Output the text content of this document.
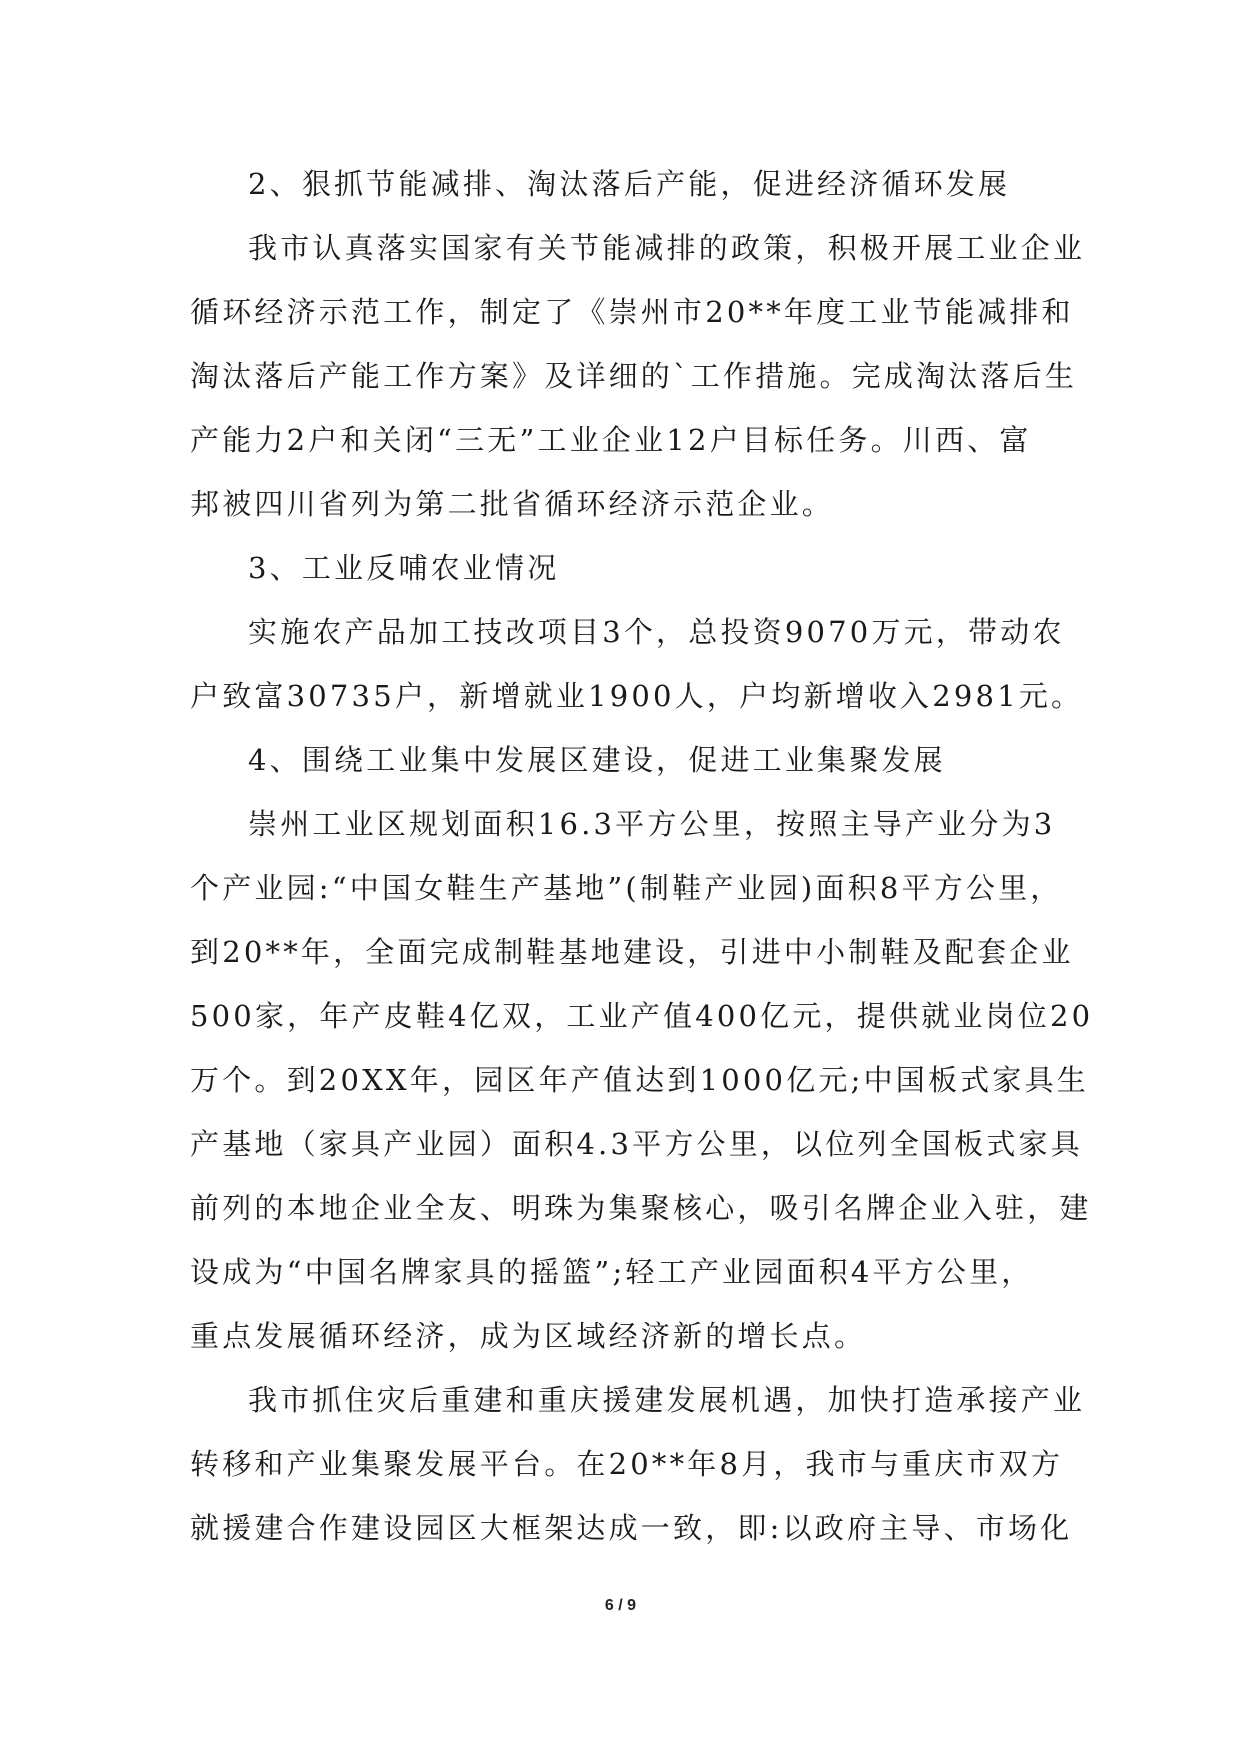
2、狠抓节能减排、淘汰落后产能，促进经济循环发展
我市认真落实国家有关节能减排的政策，积极开展工业企业
循环经济示范工作，制定了《崇州市20**年度工业节能减排和
淘汰落后产能工作方案》及详细的`工作措施。完成淘汰落后生
产能力2户和关闭“三无”工业企业12户目标任务。川西、富
邦被四川省列为第二批省循环经济示范企业。
3、工业反哺农业情况
实施农产品加工技改项目3个，总投资9070万元，带动农
户致富30735户，新增就业1900人，户均新增收入2981元。
4、围绕工业集中发展区建设，促进工业集聚发展
崇州工业区规划面积16.3平方公里，按照主导产业分为3
个产业园:“中国女鞋生产基地”(制鞋产业园)面积8平方公里，
到20**年，全面完成制鞋基地建设，引进中小制鞋及配套企业
500家，年产皮鞋4亿双，工业产值400亿元，提供就业岗位20
万个。到20XX年，园区年产值达到1000亿元;中国板式家具生
产基地（家具产业园）面积4.3平方公里，以位列全国板式家具
前列的本地企业全友、明珠为集聚核心，吸引名牌企业入驻，建
设成为“中国名牌家具的摇篮”;轻工产业园面积4平方公里，
重点发展循环经济，成为区域经济新的增长点。
我市抓住灾后重建和重庆援建发展机遇，加快打造承接产业
转移和产业集聚发展平台。在20**年8月，我市与重庆市双方
就援建合作建设园区大框架达成一致，即:以政府主导、市场化
6 / 9
